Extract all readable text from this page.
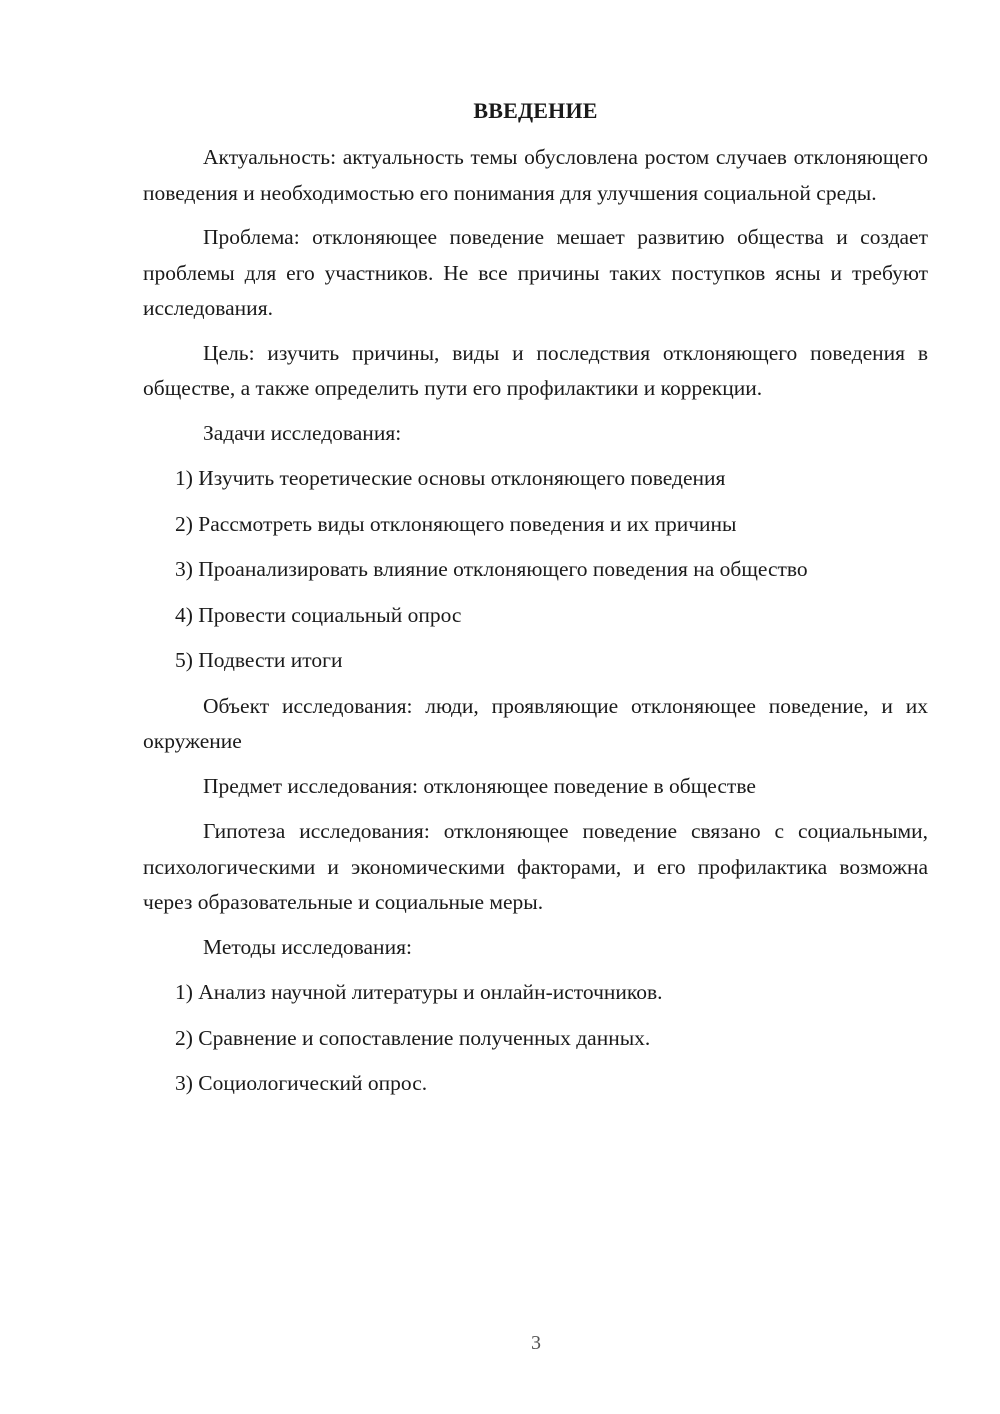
ВВЕДЕНИЕ

Актуальность: актуальность темы обусловлена ростом случаев отклоняющего поведения и необходимостью его понимания для улучшения социальной среды.

Проблема: отклоняющее поведение мешает развитию общества и создает проблемы для его участников. Не все причины таких поступков ясны и требуют исследования.

Цель: изучить причины, виды и последствия отклоняющего поведения в обществе, а также определить пути его профилактики и коррекции.

Задачи исследования:

1) Изучить теоретические основы отклоняющего поведения
2) Рассмотреть виды отклоняющего поведения и их причины
3) Проанализировать влияние отклоняющего поведения на общество
4) Провести социальный опрос
5) Подвести итоги

Объект исследования: люди, проявляющие отклоняющее поведение, и их окружение

Предмет исследования: отклоняющее поведение в обществе

Гипотеза исследования: отклоняющее поведение связано с социальными, психологическими и экономическими факторами, и его профилактика возможна через образовательные и социальные меры.

Методы исследования:

1) Анализ научной литературы и онлайн-источников.
2) Сравнение и сопоставление полученных данных.
3) Социологический опрос.
3
